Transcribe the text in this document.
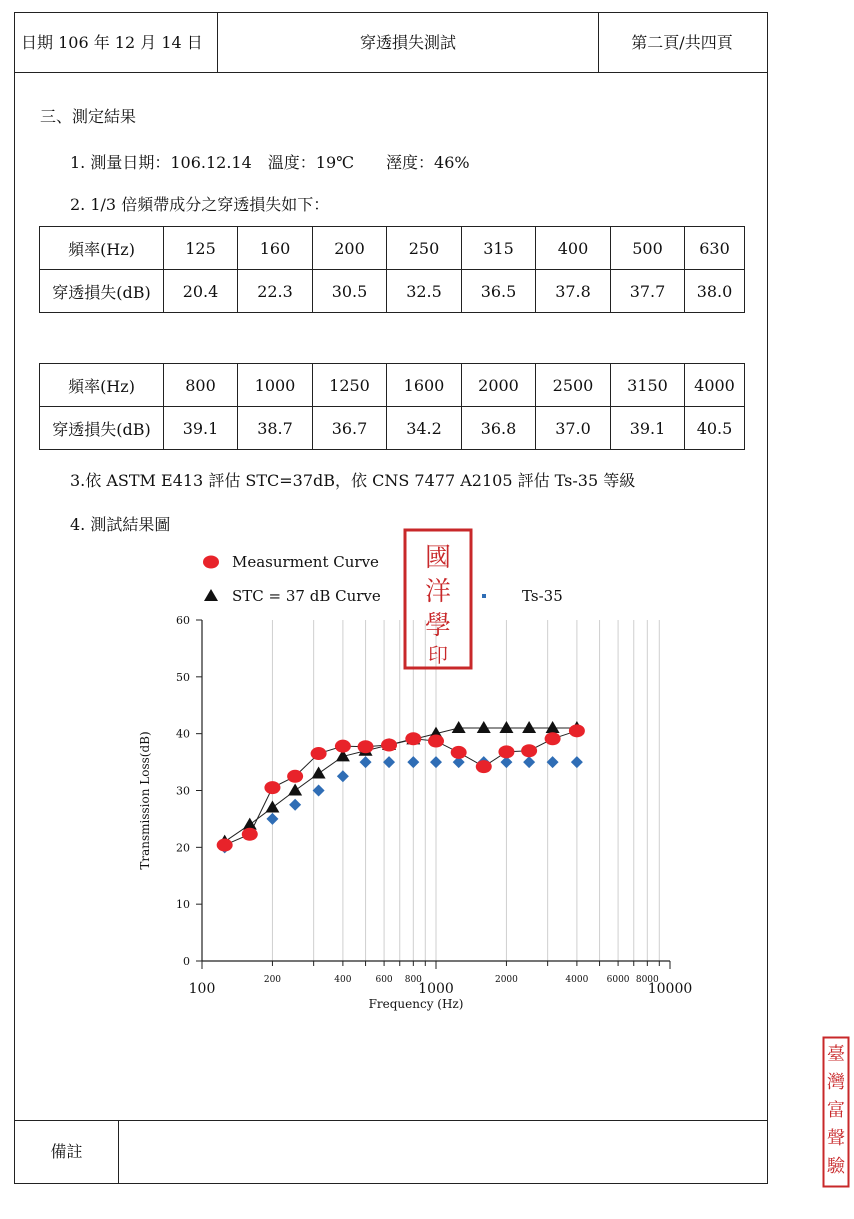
日期 106 年 12 月 14 日	穿透損失測試	第二頁/共四頁
備註
三、測定結果
1. 測量日期：106.12.14　溫度：19℃　　溼度：46%
2. 1/3 倍頻帶成分之穿透損失如下：
頻率(Hz)	125	160	200	250	315	400	500	630
穿透損失(dB)	20.4	22.3	30.5	32.5	36.5	37.8	37.7	38.0
頻率(Hz)	800	1000	1250	1600	2000	2500	3150	4000
穿透損失(dB)	39.1	38.7	36.7	34.2	36.8	37.0	39.1	40.5
3.依 ASTM E413 評估 STC=37dB，依 CNS 7477 A2105 評估 Ts-35 等級
4. 測試結果圖
0
10
20
30
40
50
60
200	400	600 800	2000	4000 6000 8000
100	1000	10000
Frequency (Hz)
Transmission Loss(dB)
Measurment Curve
STC = 37 dB Curve	Ts-35
國
洋
學
印
臺
灣
富
聲
驗
